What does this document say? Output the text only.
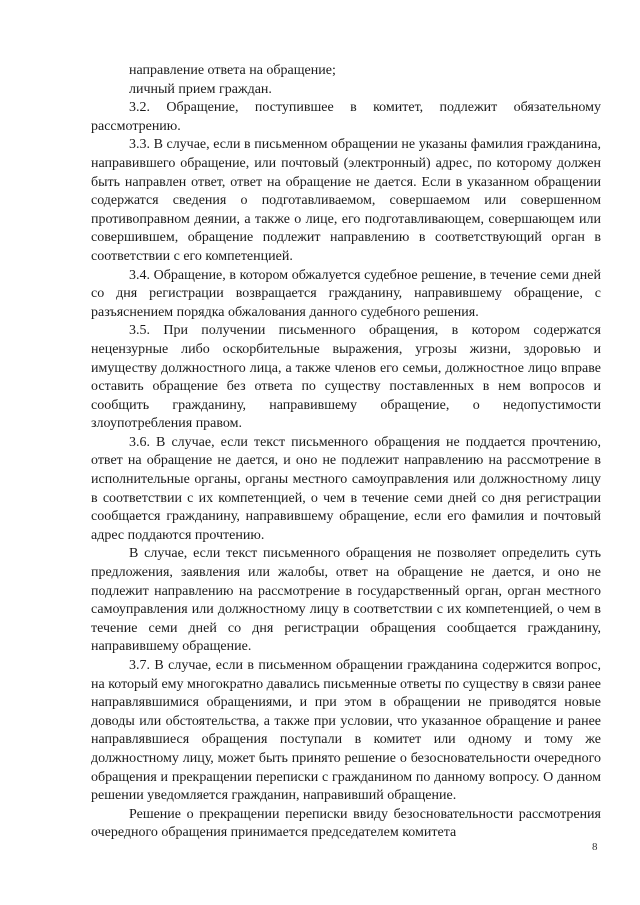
направление ответа на обращение;

личный прием граждан.

3.2. Обращение, поступившее в комитет, подлежит обязательному рассмотрению.

3.3. В случае, если в письменном обращении не указаны фамилия гражданина, направившего обращение, или почтовый (электронный) адрес, по которому должен быть направлен ответ, ответ на обращение не дается. Если в указанном обращении содержатся сведения о подготавливаемом, совершаемом или совершенном противоправном деянии, а также о лице, его подготавливающем, совершающем или совершившем, обращение подлежит направлению в соответствующий орган в соответствии с его компетенцией.

3.4. Обращение, в котором обжалуется судебное решение, в течение семи дней со дня регистрации возвращается гражданину, направившему обращение, с разъяснением порядка обжалования данного судебного решения.

3.5. При получении письменного обращения, в котором содержатся нецензурные либо оскорбительные выражения, угрозы жизни, здоровью и имуществу должностного лица, а также членов его семьи, должностное лицо вправе оставить обращение без ответа по существу поставленных в нем вопросов и сообщить гражданину, направившему обращение, о недопустимости злоупотребления правом.

3.6. В случае, если текст письменного обращения не поддается прочтению, ответ на обращение не дается, и оно не подлежит направлению на рассмотрение в исполнительные органы, органы местного самоуправления или должностному лицу в соответствии с их компетенцией, о чем в течение семи дней со дня регистрации сообщается гражданину, направившему обращение, если его фамилия и почтовый адрес поддаются прочтению.

В случае, если текст письменного обращения не позволяет определить суть предложения, заявления или жалобы, ответ на обращение не дается, и оно не подлежит направлению на рассмотрение в государственный орган, орган местного самоуправления или должностному лицу в соответствии с их компетенцией, о чем в течение семи дней со дня регистрации обращения сообщается гражданину, направившему обращение.

3.7. В случае, если в письменном обращении гражданина содержится вопрос, на который ему многократно давались письменные ответы по существу в связи ранее направлявшимися обращениями, и при этом в обращении не приводятся новые доводы или обстоятельства, а также при условии, что указанное обращение и ранее направлявшиеся обращения поступали в комитет или одному и тому же должностному лицу, может быть принято решение о безосновательности очередного обращения и прекращении переписки с гражданином по данному вопросу. О данном решении уведомляется гражданин, направивший обращение.

Решение о прекращении переписки ввиду безосновательности рассмотрения очередного обращения принимается председателем комитета

8
